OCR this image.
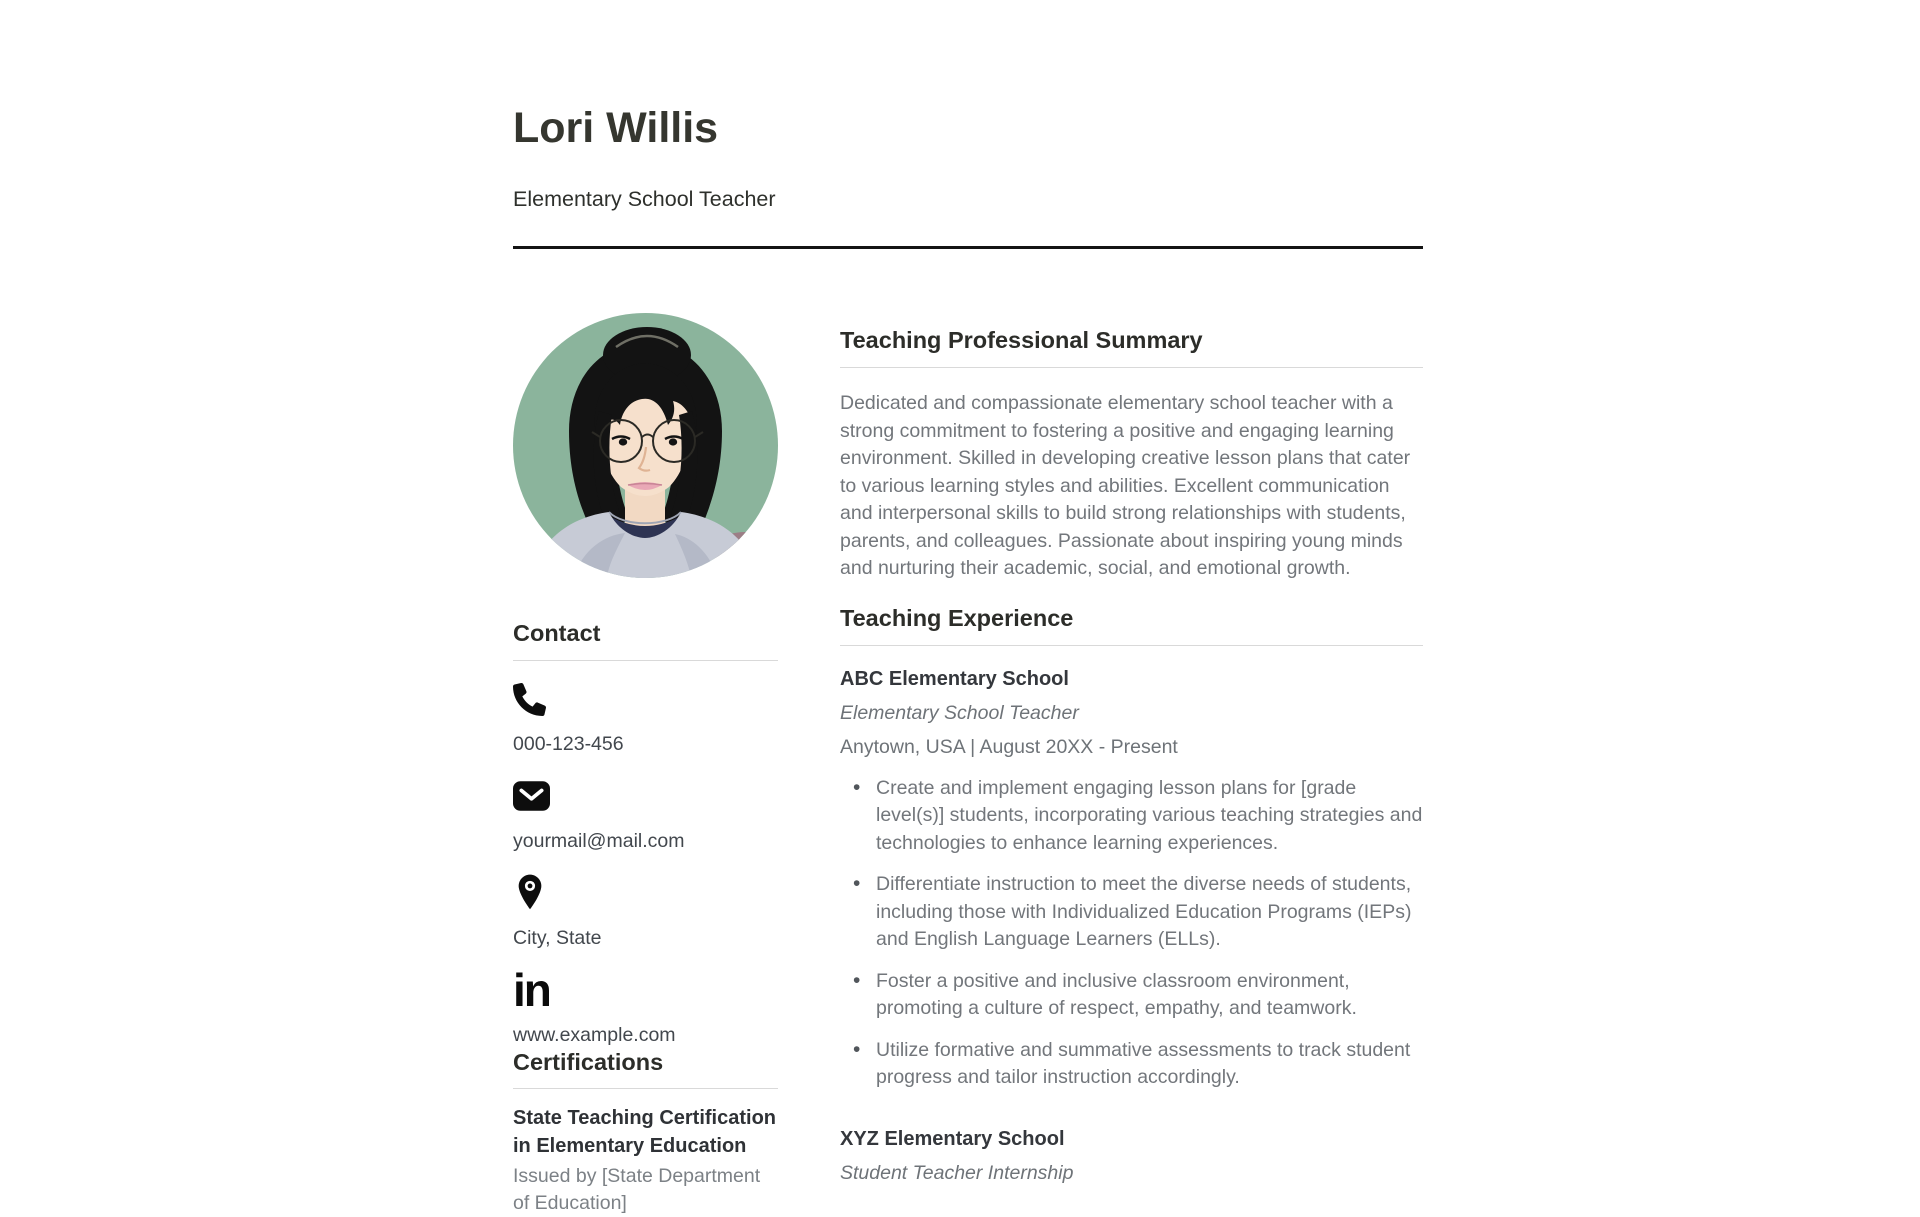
Lori Willis
Elementary School Teacher
Contact
000-123-456
yourmail@mail.com
City, State
in
www.example.com
Certifications
State Teaching Certification in Elementary Education
Issued by [State Department of Education]
Teaching Professional Summary

Dedicated and compassionate elementary school teacher with a strong commitment to fostering a positive and engaging learning environment. Skilled in developing creative lesson plans that cater to various learning styles and abilities. Excellent communication and interpersonal skills to build strong relationships with students, parents, and colleagues. Passionate about inspiring young minds and nurturing their academic, social, and emotional growth.

Teaching Experience
ABC Elementary School
Elementary School Teacher
Anytown, USA | August 20XX - Present
• Create and implement engaging lesson plans for [grade level(s)] students, incorporating various teaching strategies and technologies to enhance learning experiences.
• Differentiate instruction to meet the diverse needs of students, including those with Individualized Education Programs (IEPs) and English Language Learners (ELLs).
• Foster a positive and inclusive classroom environment, promoting a culture of respect, empathy, and teamwork.
• Utilize formative and summative assessments to track student progress and tailor instruction accordingly.
XYZ Elementary School
Student Teacher Internship
